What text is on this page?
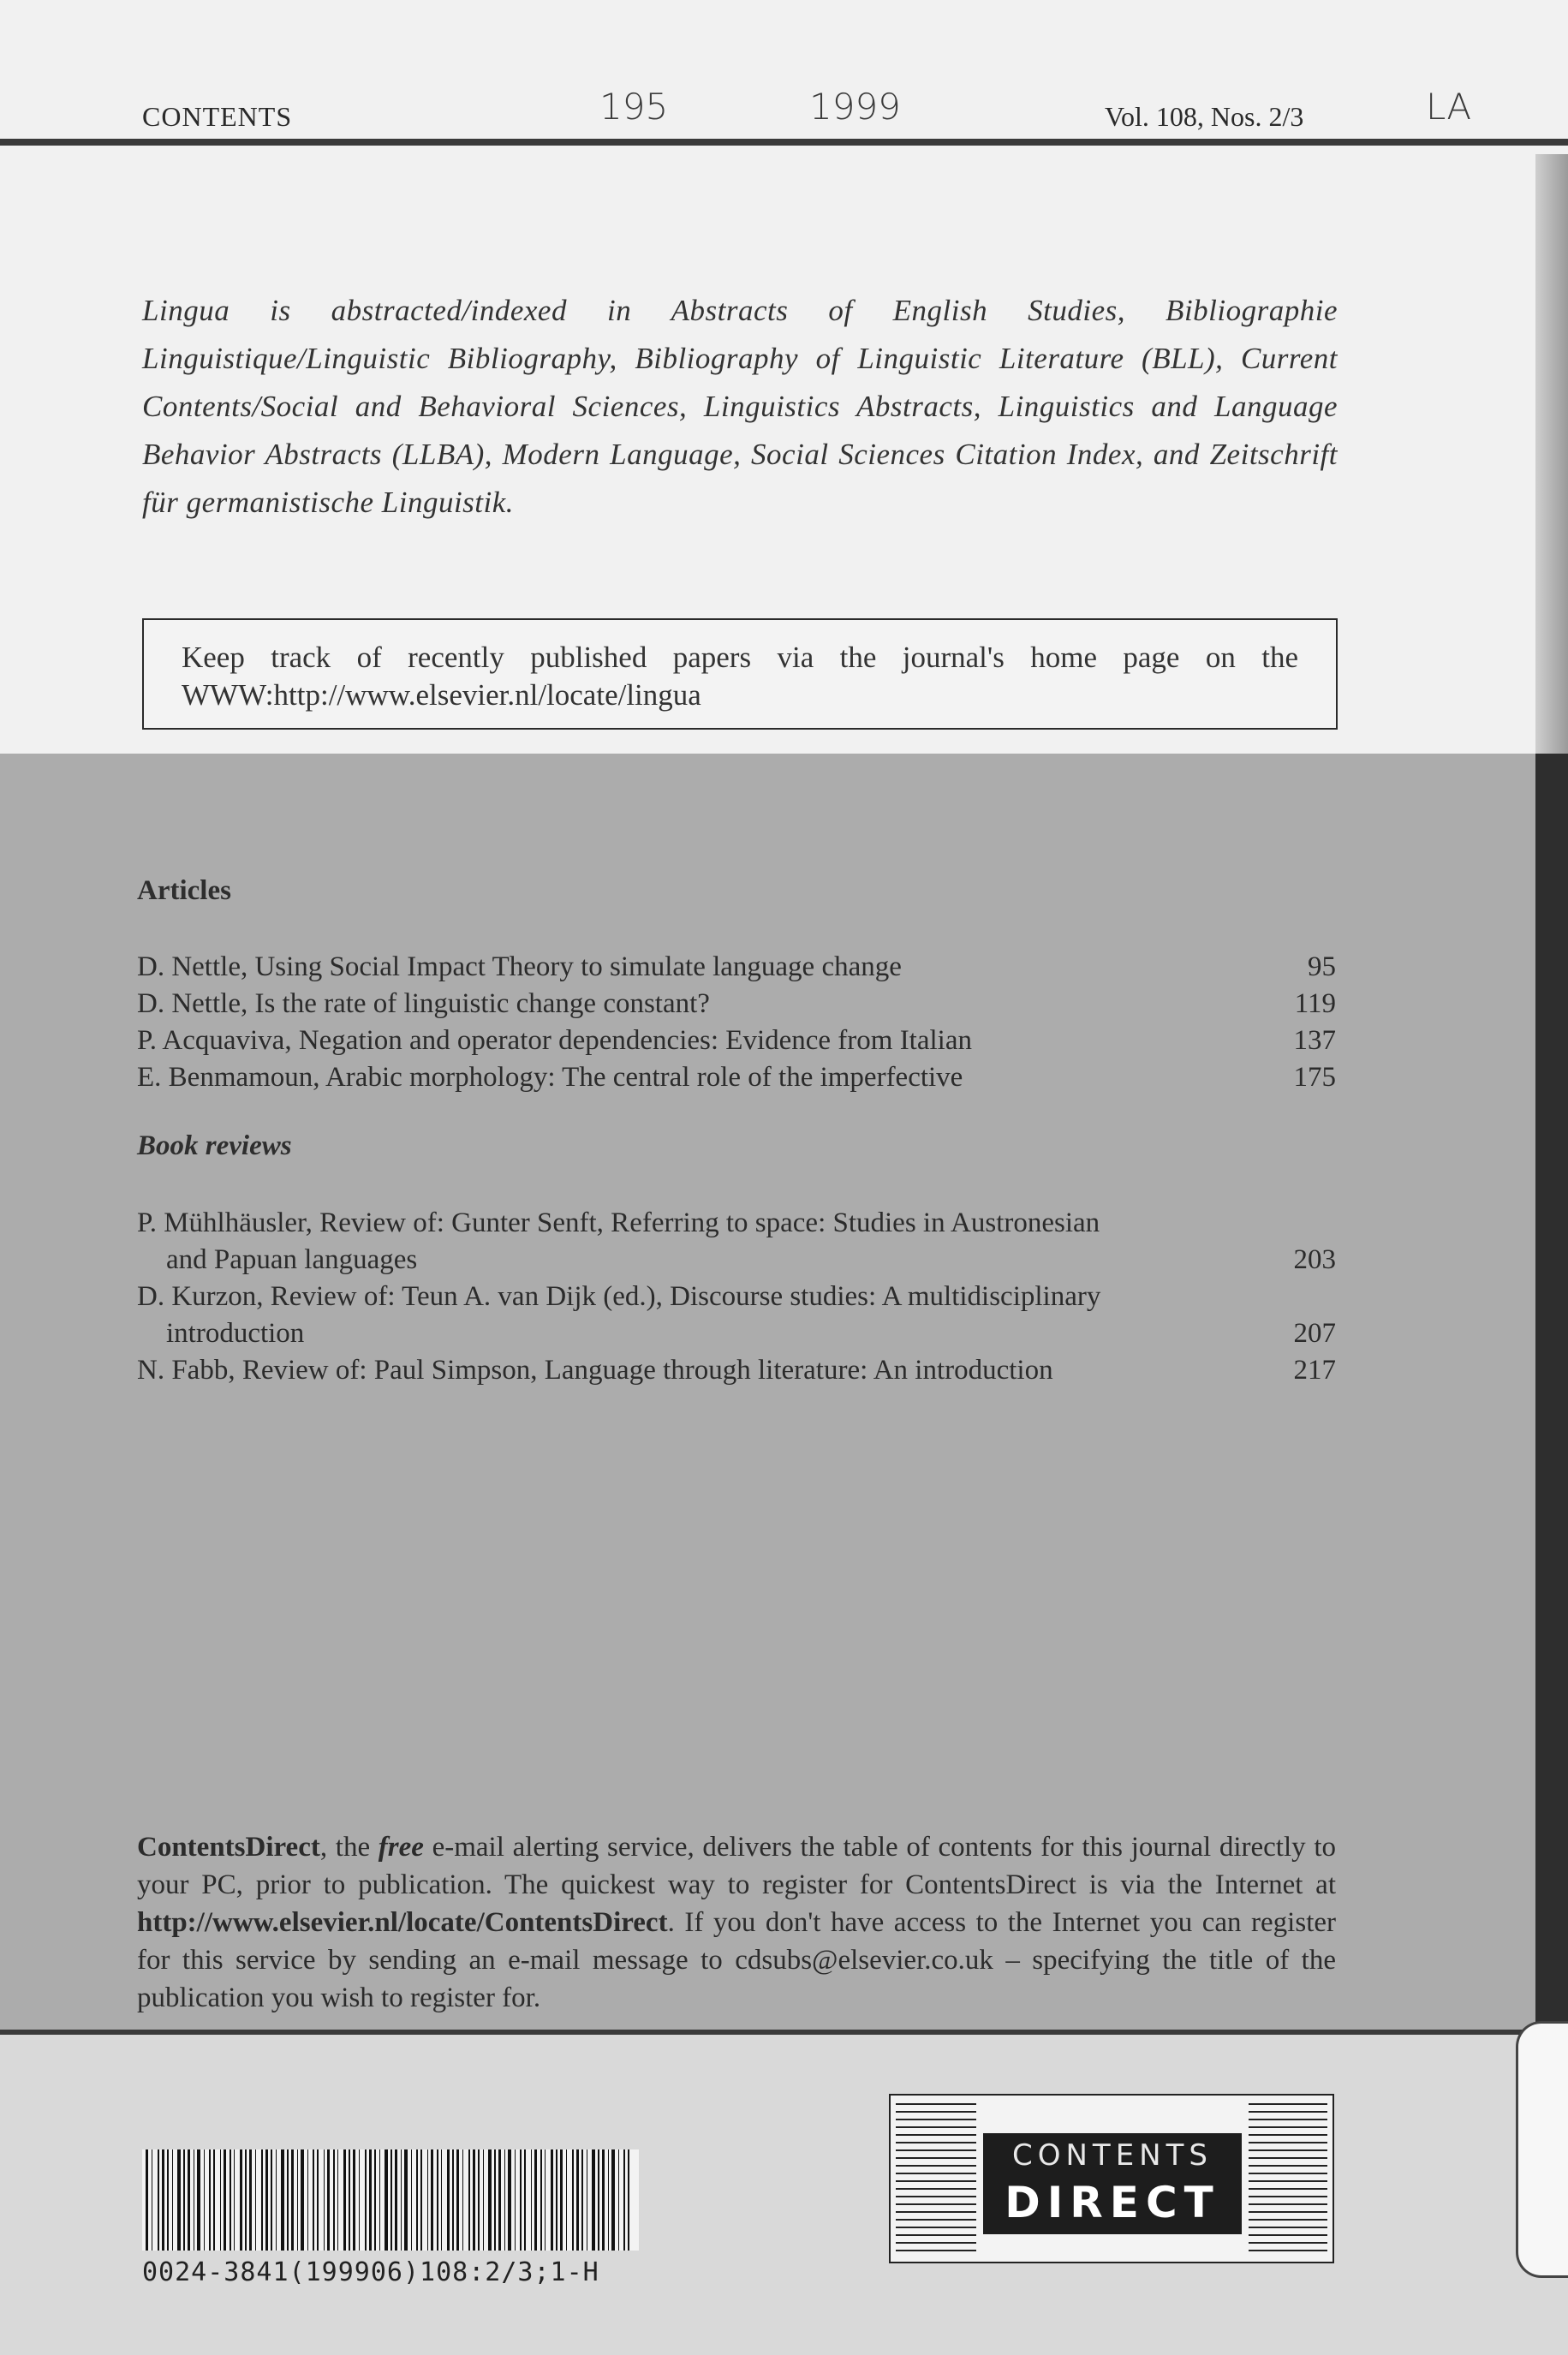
CONTENTS	195	1999	Vol. 108, Nos. 2/3	LA

Lingua is abstracted/indexed in Abstracts of English Studies, Bibliographie Linguistique/Linguistic Bibliography, Bibliography of Linguistic Literature (BLL), Current Contents/Social and Behavioral Sciences, Linguistics Abstracts, Linguistics and Language Behavior Abstracts (LLBA), Modern Language, Social Sciences Citation Index, and Zeitschrift für germanistische Linguistik.

Keep track of recently published papers via the journal's home page on the WWW:http://www.elsevier.nl/locate/lingua
Articles
D. Nettle, Using Social Impact Theory to simulate language change	95
D. Nettle, Is the rate of linguistic change constant?	119
P. Acquaviva, Negation and operator dependencies: Evidence from Italian	137
E. Benmamoun, Arabic morphology: The central role of the imperfective	175
Book reviews
P. Mühlhäusler, Review of: Gunter Senft, Referring to space: Studies in Austronesian
and Papuan languages	203
D. Kurzon, Review of: Teun A. van Dijk (ed.), Discourse studies: A multidisciplinary
introduction	207
N. Fabb, Review of: Paul Simpson, Language through literature: An introduction	217

ContentsDirect, the free e-mail alerting service, delivers the table of contents for this journal directly to your PC, prior to publication. The quickest way to register for ContentsDirect is via the Internet at http://www.elsevier.nl/locate/ContentsDirect. If you don't have access to the Internet you can register for this service by sending an e-mail message to cdsubs@elsevier.co.uk – specifying the title of the publication you wish to register for.

0024-3841(199906)108:2/3;1-H
CONTENTS
DIRECT
